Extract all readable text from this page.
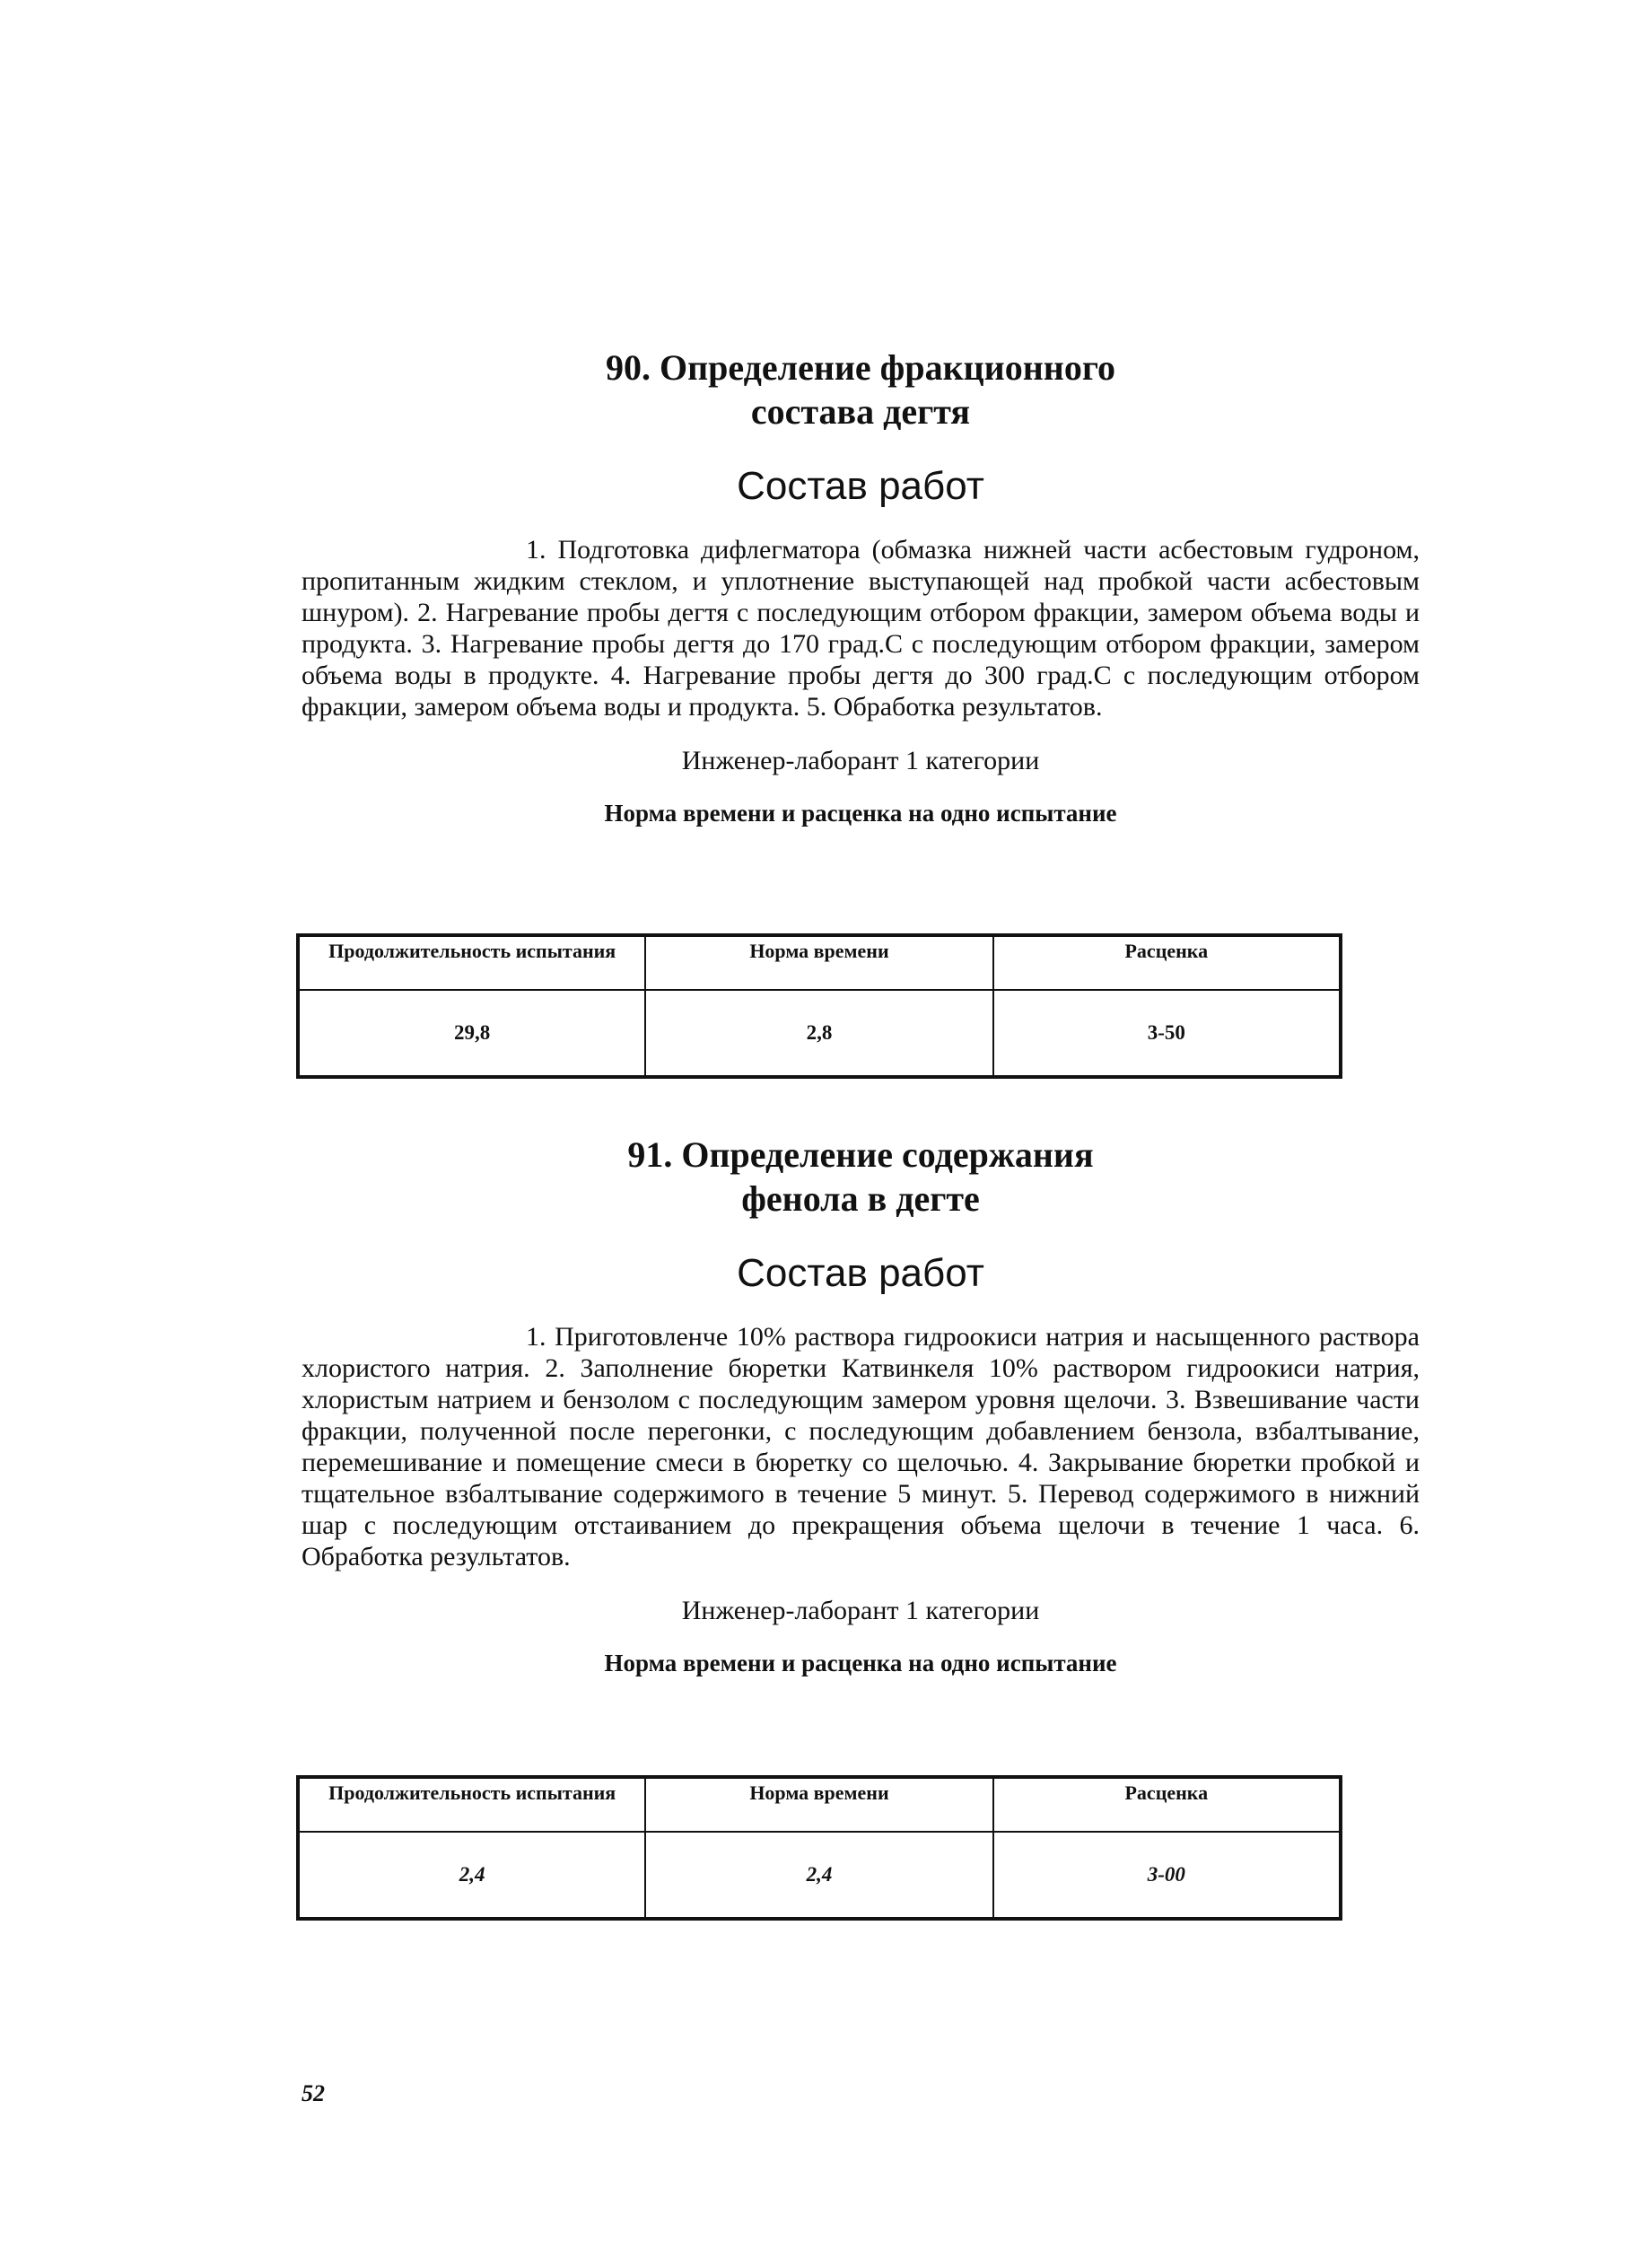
90. Определение фракционного
состава дегтя
Состав работ

1. Подготовка дифлегматора (обмазка нижней части асбестовым гудроном, пропитанным жидким стеклом, и уплотнение выступающей над пробкой части асбестовым шнуром). 2. Нагревание пробы дегтя с последующим отбором фракции, замером объема воды и продукта. 3. Нагревание пробы дегтя до 170 град.С с последующим отбором фракции, замером объема воды в продукте. 4. Нагревание пробы дегтя до 300 град.С с последующим отбором фракции, замером объема воды и продукта. 5. Обработка результатов.

Инженер-лаборант 1 категории

Норма времени и расценка на одно испытание

Продолжительность испытания	Норма времени	Расценка
29,8	2,8	3-50
91. Определение содержания
фенола в дегте
Состав работ

1. Приготовленче 10% раствора гидроокиси натрия и насыщенного раствора хлористого натрия. 2. Заполнение бюретки Катвинкеля 10% раствором гидроокиси натрия, хлористым натрием и бензолом с последующим замером уровня щелочи. 3. Взвешивание части фракции, полученной после перегонки, с последующим добавлением бензола, взбалтывание, перемешивание и помещение смеси в бюретку со щелочью. 4. Закрывание бюретки пробкой и тщательное взбалтывание содержимого в течение 5 минут. 5. Перевод содержимого в нижний шар с последующим отстаиванием до прекращения объема щелочи в течение 1 часа. 6. Обработка результатов.

Инженер-лаборант 1 категории

Норма времени и расценка на одно испытание

Продолжительность испытания	Норма времени	Расценка
2,4	2,4	3-00

52
